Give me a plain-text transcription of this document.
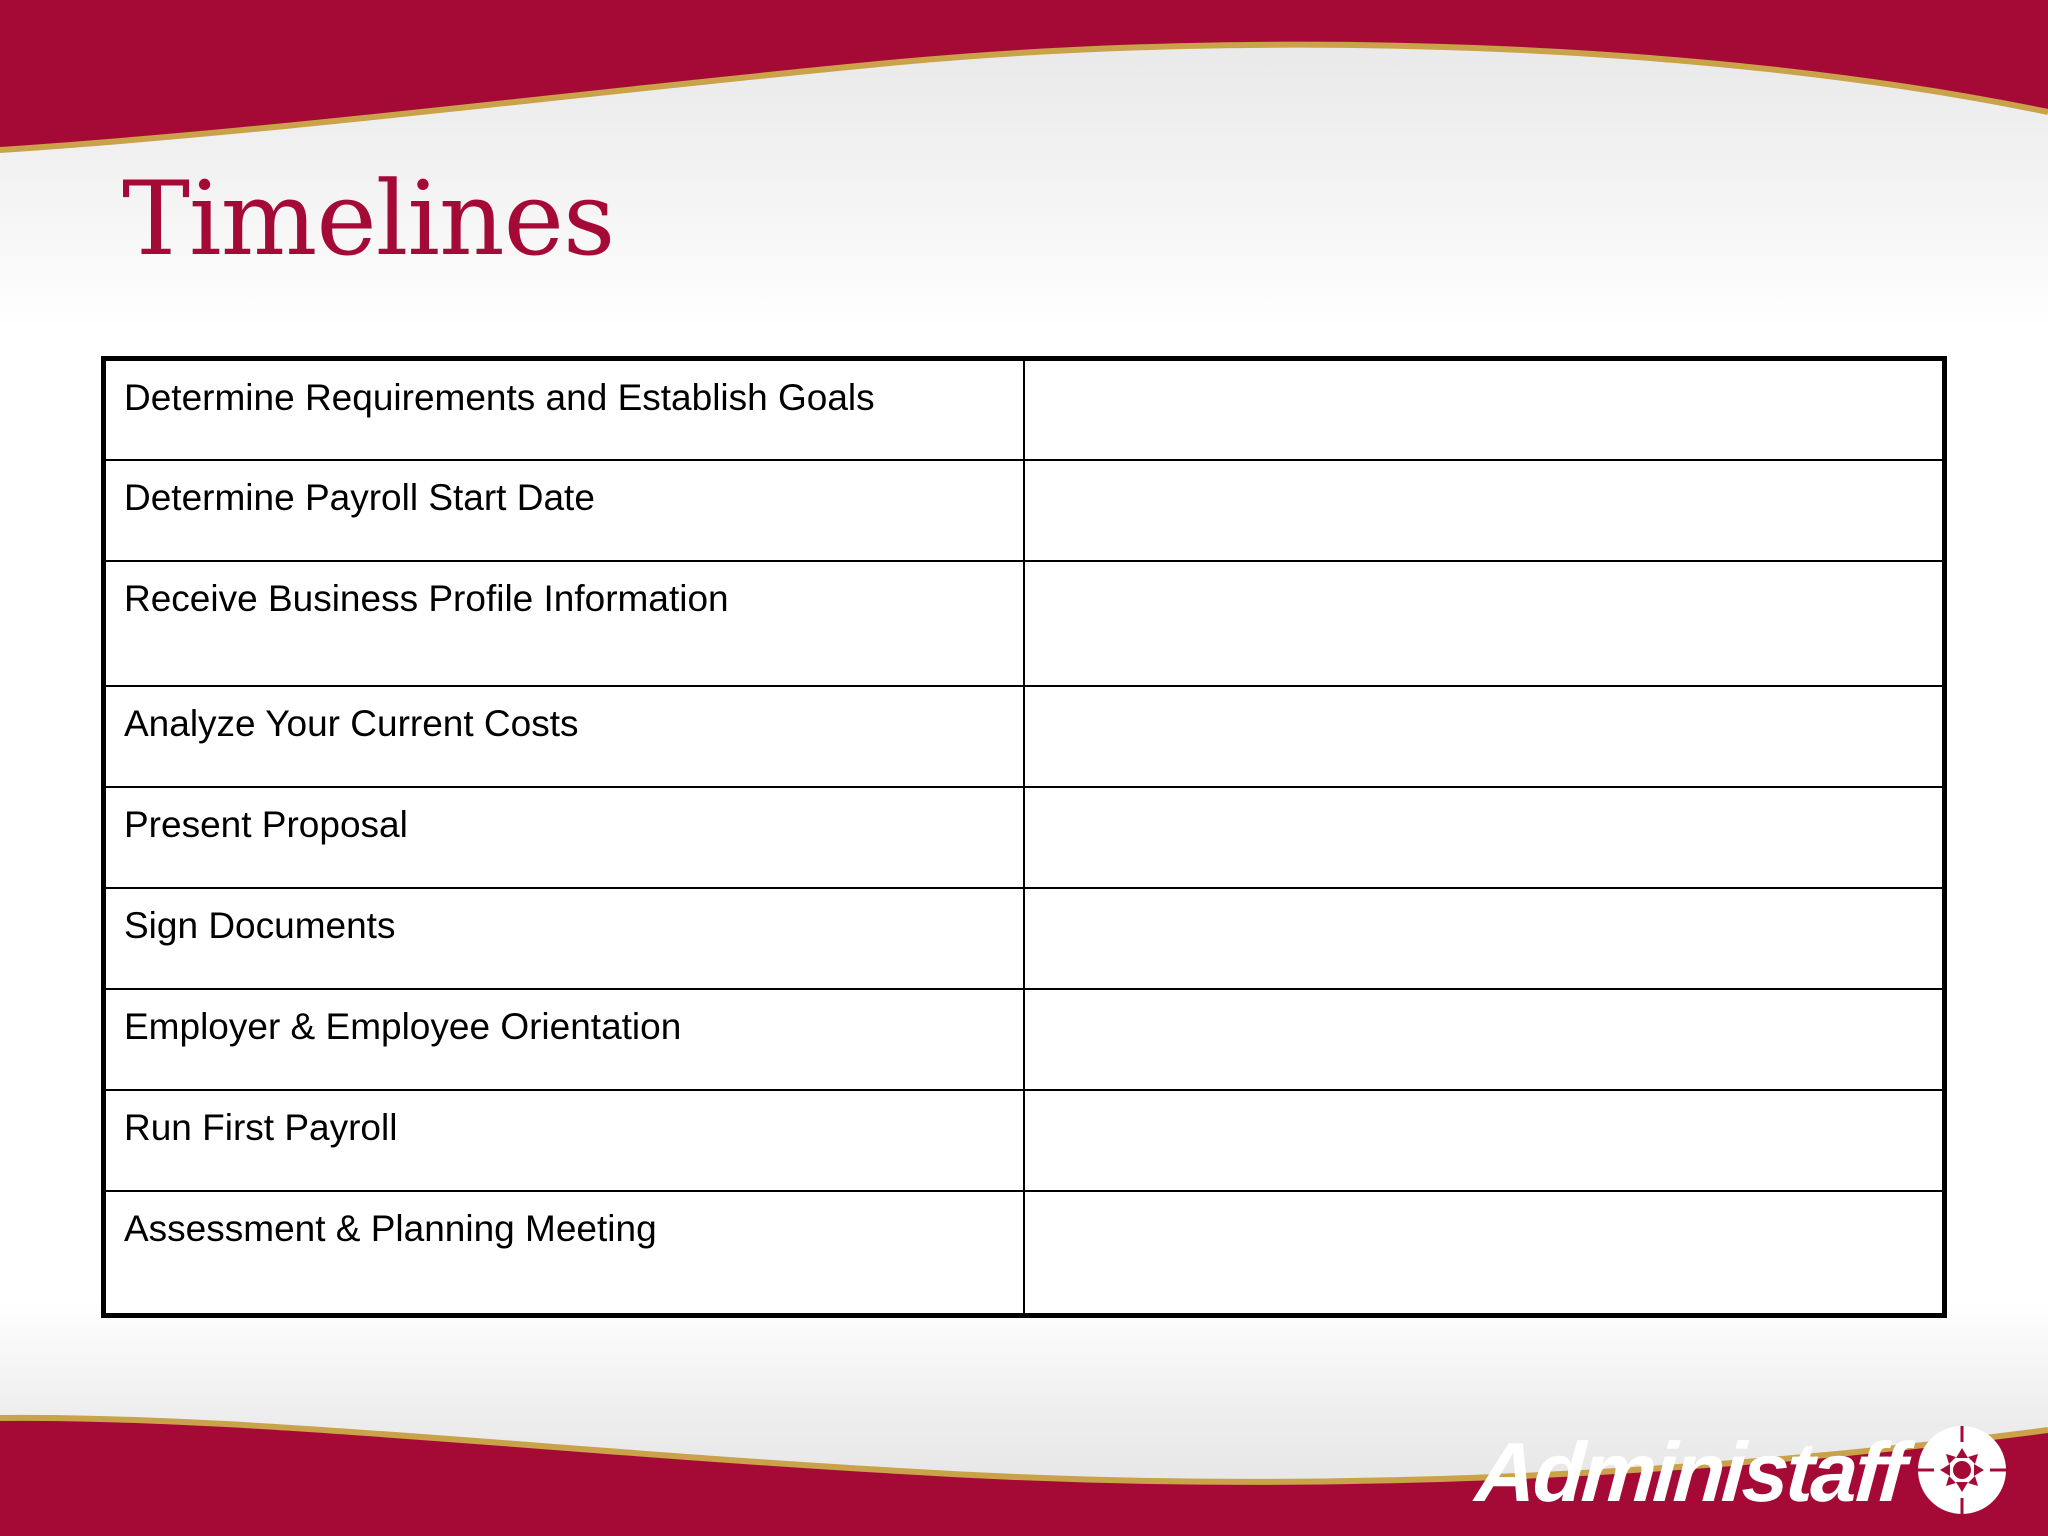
Timelines
Determine Requirements and Establish Goals	
Determine Payroll Start Date	
Receive Business Profile Information	
Analyze Your Current Costs	
Present Proposal	
Sign Documents	
Employer & Employee Orientation	
Run First Payroll	
Assessment & Planning Meeting	
Administaff
